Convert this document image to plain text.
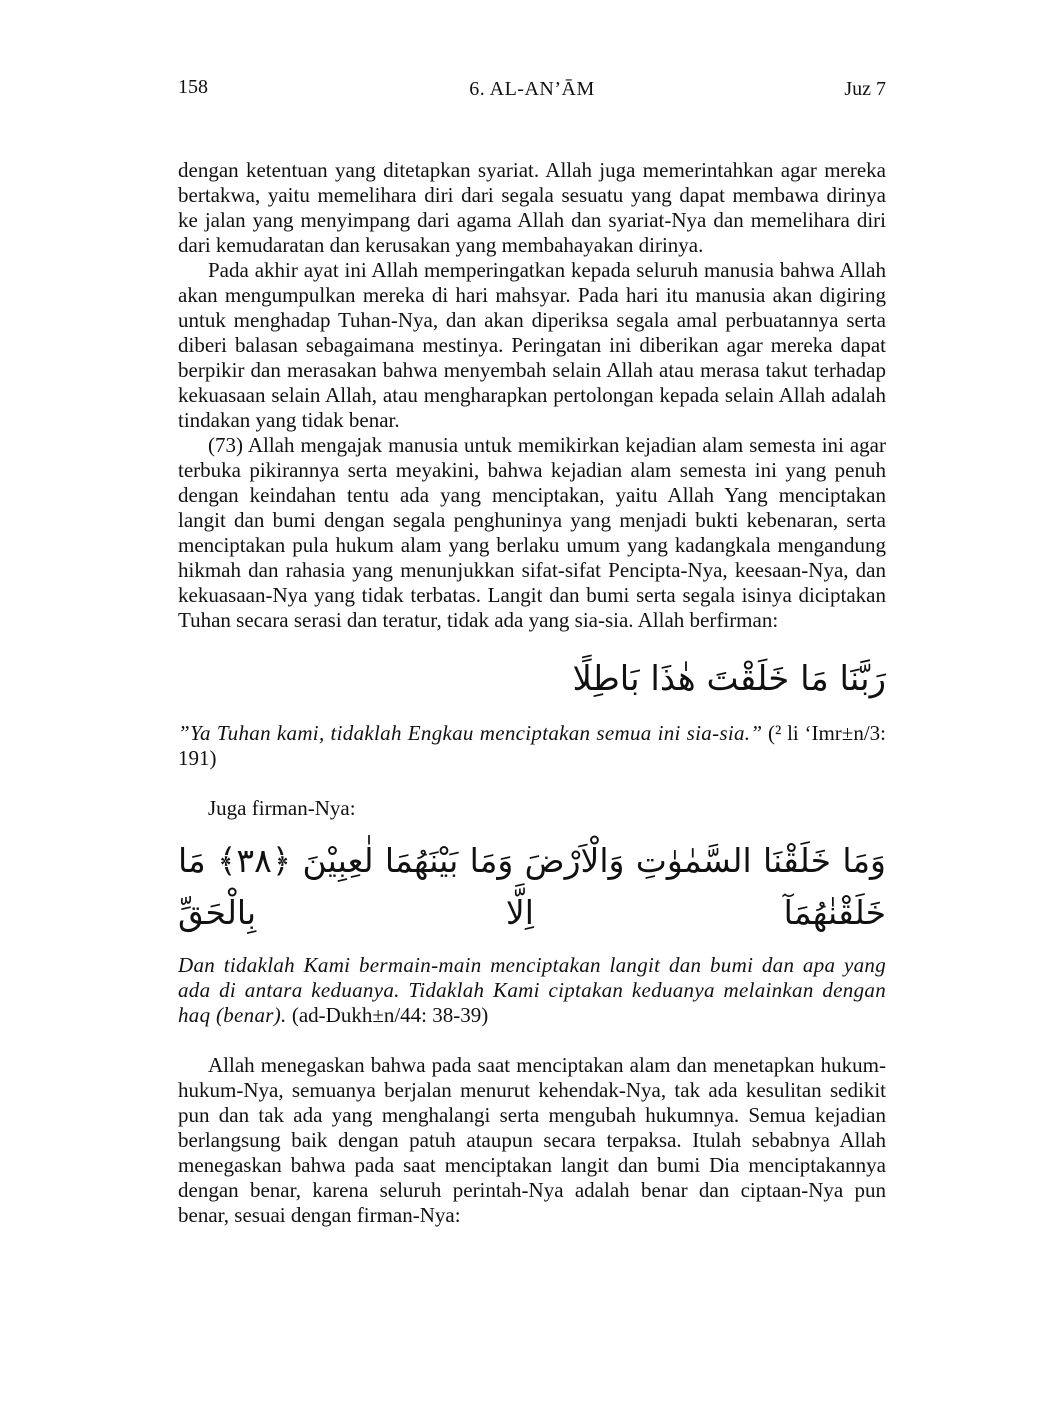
158	6. AL-AN’ĀM	Juz 7

dengan ketentuan yang ditetapkan syariat. Allah juga memerintahkan agar mereka bertakwa, yaitu memelihara diri dari segala sesuatu yang dapat membawa dirinya ke jalan yang menyimpang dari agama Allah dan syariat-Nya dan memelihara diri dari kemudaratan dan kerusakan yang membahayakan dirinya.

Pada akhir ayat ini Allah memperingatkan kepada seluruh manusia bahwa Allah akan mengumpulkan mereka di hari mahsyar. Pada hari itu manusia akan digiring untuk menghadap Tuhan-Nya, dan akan diperiksa segala amal perbuatannya serta diberi balasan sebagaimana mestinya. Peringatan ini diberikan agar mereka dapat berpikir dan merasakan bahwa menyembah selain Allah atau merasa takut terhadap kekuasaan selain Allah, atau mengharapkan pertolongan kepada selain Allah adalah tindakan yang tidak benar.

(73) Allah mengajak manusia untuk memikirkan kejadian alam semesta ini agar terbuka pikirannya serta meyakini, bahwa kejadian alam semesta ini yang penuh dengan keindahan tentu ada yang menciptakan, yaitu Allah Yang menciptakan langit dan bumi dengan segala penghuninya yang menjadi bukti kebenaran, serta menciptakan pula hukum alam yang berlaku umum yang kadangkala mengandung hikmah dan rahasia yang menunjukkan sifat-sifat Pencipta-Nya, keesaan-Nya, dan kekuasaan-Nya yang tidak terbatas. Langit dan bumi serta segala isinya diciptakan Tuhan secara serasi dan teratur, tidak ada yang sia-sia. Allah berfirman:

رَبَّنَا مَا خَلَقْتَ هٰذَا بَاطِلًا

”Ya Tuhan kami, tidaklah Engkau menciptakan semua ini sia-sia.” (² li ‘Imr±n/3: 191)

Juga firman-Nya:

وَمَا خَلَقْنَا السَّمٰوٰتِ وَالْاَرْضَ وَمَا بَيْنَهُمَا لٰعِبِيْنَ ﴿٣٨﴾ مَا خَلَقْنٰهُمَآ اِلَّا بِالْحَقِّ

Dan tidaklah Kami bermain-main menciptakan langit dan bumi dan apa yang ada di antara keduanya. Tidaklah Kami ciptakan keduanya melainkan dengan haq (benar). (ad-Dukh±n/44: 38-39)

Allah menegaskan bahwa pada saat menciptakan alam dan menetapkan hukum-hukum-Nya, semuanya berjalan menurut kehendak-Nya, tak ada kesulitan sedikit pun dan tak ada yang menghalangi serta mengubah hukumnya. Semua kejadian berlangsung baik dengan patuh ataupun secara terpaksa. Itulah sebabnya Allah menegaskan bahwa pada saat menciptakan langit dan bumi Dia menciptakannya dengan benar, karena seluruh perintah-Nya adalah benar dan ciptaan-Nya pun benar, sesuai dengan firman-Nya:
